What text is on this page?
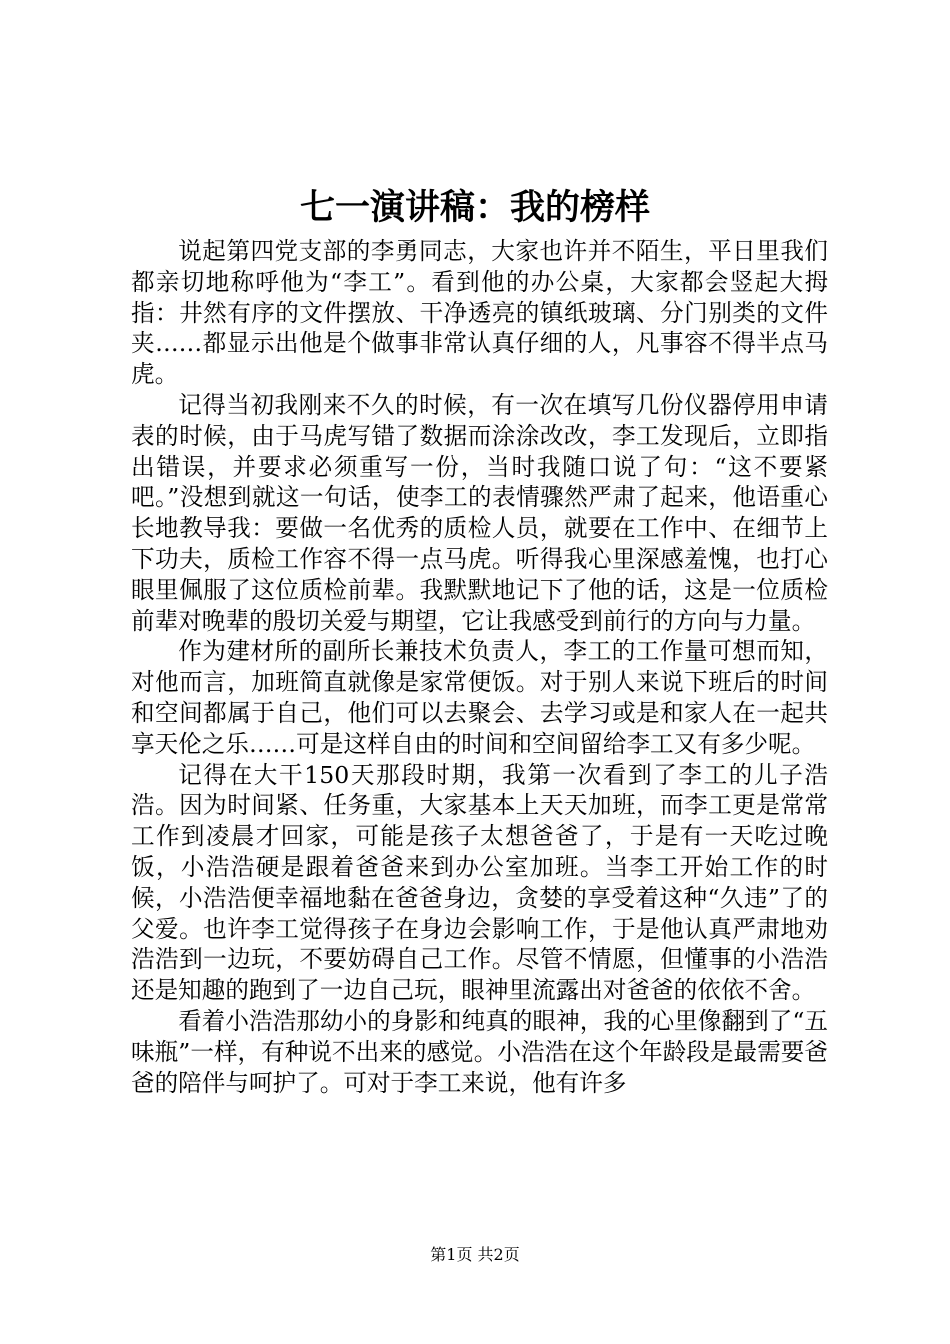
七一演讲稿：我的榜样

说起第四党支部的李勇同志，大家也许并不陌生，平日里我们都亲切地称呼他为“李工”。看到他的办公桌，大家都会竖起大拇指：井然有序的文件摆放、干净透亮的镇纸玻璃、分门别类的文件夹……都显示出他是个做事非常认真仔细的人，凡事容不得半点马虎。

记得当初我刚来不久的时候，有一次在填写几份仪器停用申请表的时候，由于马虎写错了数据而涂涂改改，李工发现后，立即指出错误，并要求必须重写一份，当时我随口说了句：“这不要紧吧。”没想到就这一句话，使李工的表情骤然严肃了起来，他语重心长地教导我：要做一名优秀的质检人员，就要在工作中、在细节上下功夫，质检工作容不得一点马虎。听得我心里深感羞愧，也打心眼里佩服了这位质检前辈。我默默地记下了他的话，这是一位质检前辈对晚辈的殷切关爱与期望，它让我感受到前行的方向与力量。

作为建材所的副所长兼技术负责人，李工的工作量可想而知，对他而言，加班简直就像是家常便饭。对于别人来说下班后的时间和空间都属于自己，他们可以去聚会、去学习或是和家人在一起共享天伦之乐……可是这样自由的时间和空间留给李工又有多少呢。

记得在大干150天那段时期，我第一次看到了李工的儿子浩浩。因为时间紧、任务重，大家基本上天天加班，而李工更是常常工作到凌晨才回家，可能是孩子太想爸爸了，于是有一天吃过晚饭，小浩浩硬是跟着爸爸来到办公室加班。当李工开始工作的时候，小浩浩便幸福地黏在爸爸身边，贪婪的享受着这种“久违”了的父爱。也许李工觉得孩子在身边会影响工作，于是他认真严肃地劝浩浩到一边玩，不要妨碍自己工作。尽管不情愿，但懂事的小浩浩还是知趣的跑到了一边自己玩，眼神里流露出对爸爸的依依不舍。

看着小浩浩那幼小的身影和纯真的眼神，我的心里像翻到了“五味瓶”一样，有种说不出来的感觉。小浩浩在这个年龄段是最需要爸爸的陪伴与呵护了。可对于李工来说，他有许多

第1页 共2页
